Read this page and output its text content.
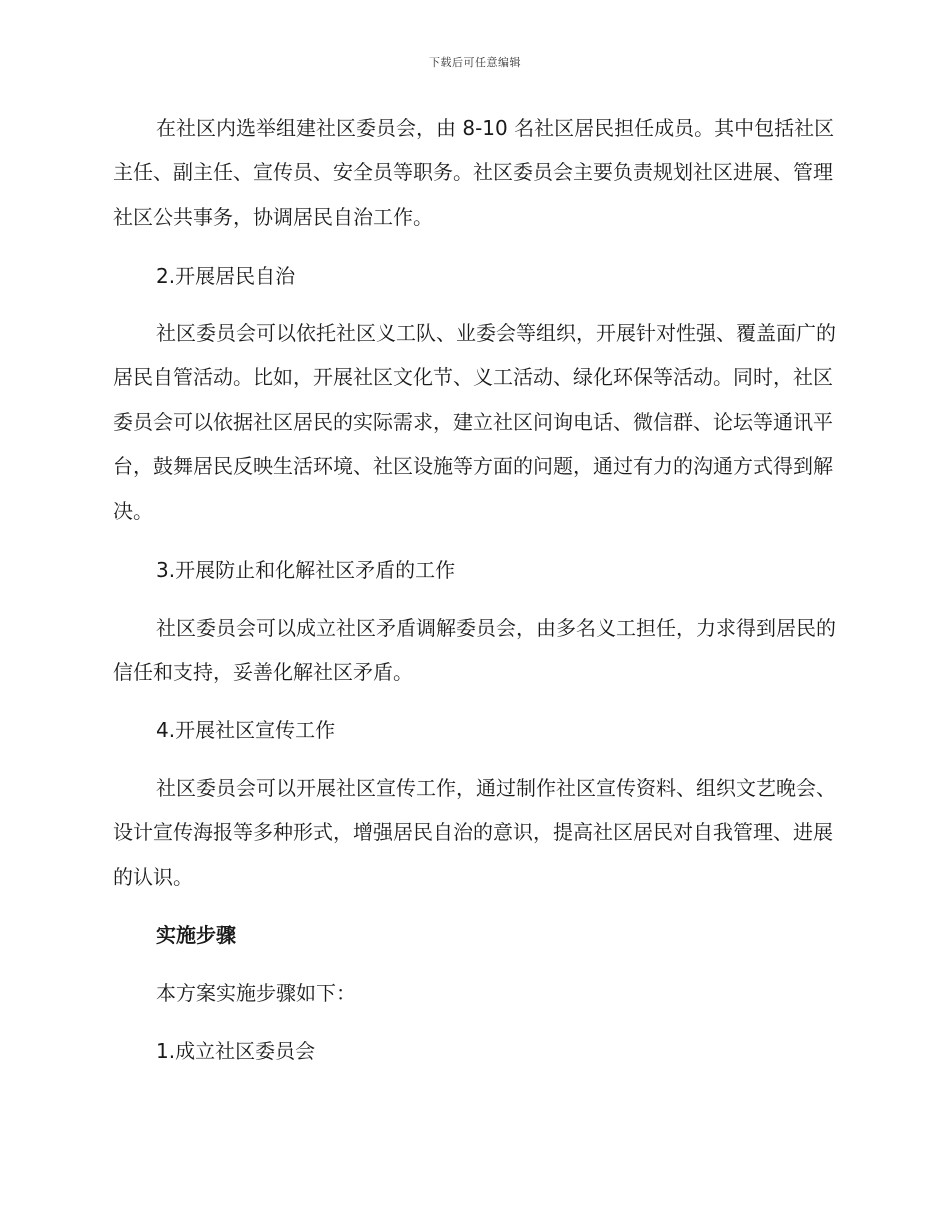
下载后可任意编辑

在社区内选举组建社区委员会，由 8-10 名社区居民担任成员。其中包括社区主任、副主任、宣传员、安全员等职务。社区委员会主要负责规划社区进展、管理社区公共事务，协调居民自治工作。

2.开展居民自治

社区委员会可以依托社区义工队、业委会等组织，开展针对性强、覆盖面广的居民自管活动。比如，开展社区文化节、义工活动、绿化环保等活动。同时，社区委员会可以依据社区居民的实际需求，建立社区问询电话、微信群、论坛等通讯平台，鼓舞居民反映生活环境、社区设施等方面的问题，通过有力的沟通方式得到解决。

3.开展防止和化解社区矛盾的工作

社区委员会可以成立社区矛盾调解委员会，由多名义工担任，力求得到居民的信任和支持，妥善化解社区矛盾。

4.开展社区宣传工作

社区委员会可以开展社区宣传工作，通过制作社区宣传资料、组织文艺晚会、设计宣传海报等多种形式，增强居民自治的意识，提高社区居民对自我管理、进展的认识。

实施步骤

本方案实施步骤如下：

1.成立社区委员会
